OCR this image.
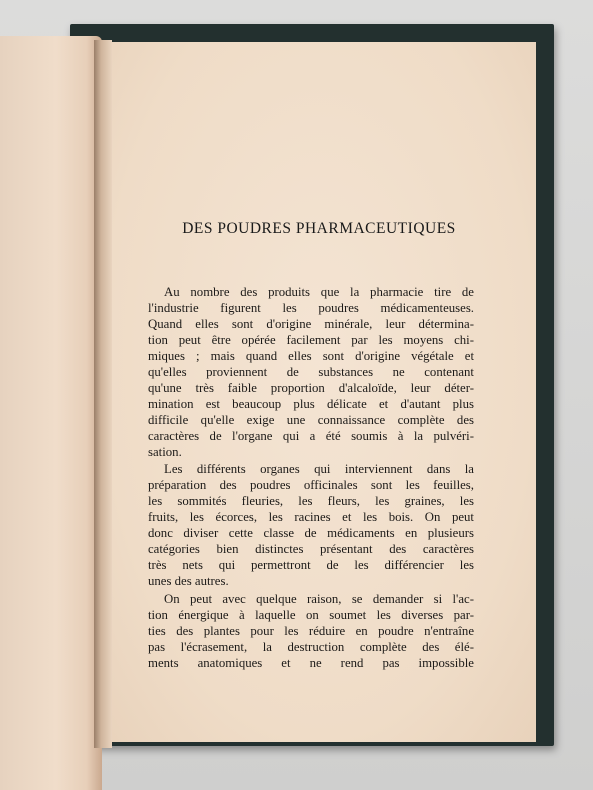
DES POUDRES PHARMACEUTIQUES
Au nombre des produits que la pharmacie tire de
l'industrie figurent les poudres médicamenteuses.
Quand elles sont d'origine minérale, leur détermina-
tion peut être opérée facilement par les moyens chi-
miques ; mais quand elles sont d'origine végétale et
qu'elles proviennent de substances ne contenant
qu'une très faible proportion d'alcaloïde, leur déter-
mination est beaucoup plus délicate et d'autant plus
difficile qu'elle exige une connaissance complète des
caractères de l'organe qui a été soumis à la pulvéri-
sation.
Les différents organes qui interviennent dans la
préparation des poudres officinales sont les feuilles,
les sommités fleuries, les fleurs, les graines, les
fruits, les écorces, les racines et les bois. On peut
donc diviser cette classe de médicaments en plusieurs
catégories bien distinctes présentant des caractères
très nets qui permettront de les différencier les
unes des autres.
On peut avec quelque raison, se demander si l'ac-
tion énergique à laquelle on soumet les diverses par-
ties des plantes pour les réduire en poudre n'entraîne
pas l'écrasement, la destruction complète des élé-
ments anatomiques et ne rend pas impossible
